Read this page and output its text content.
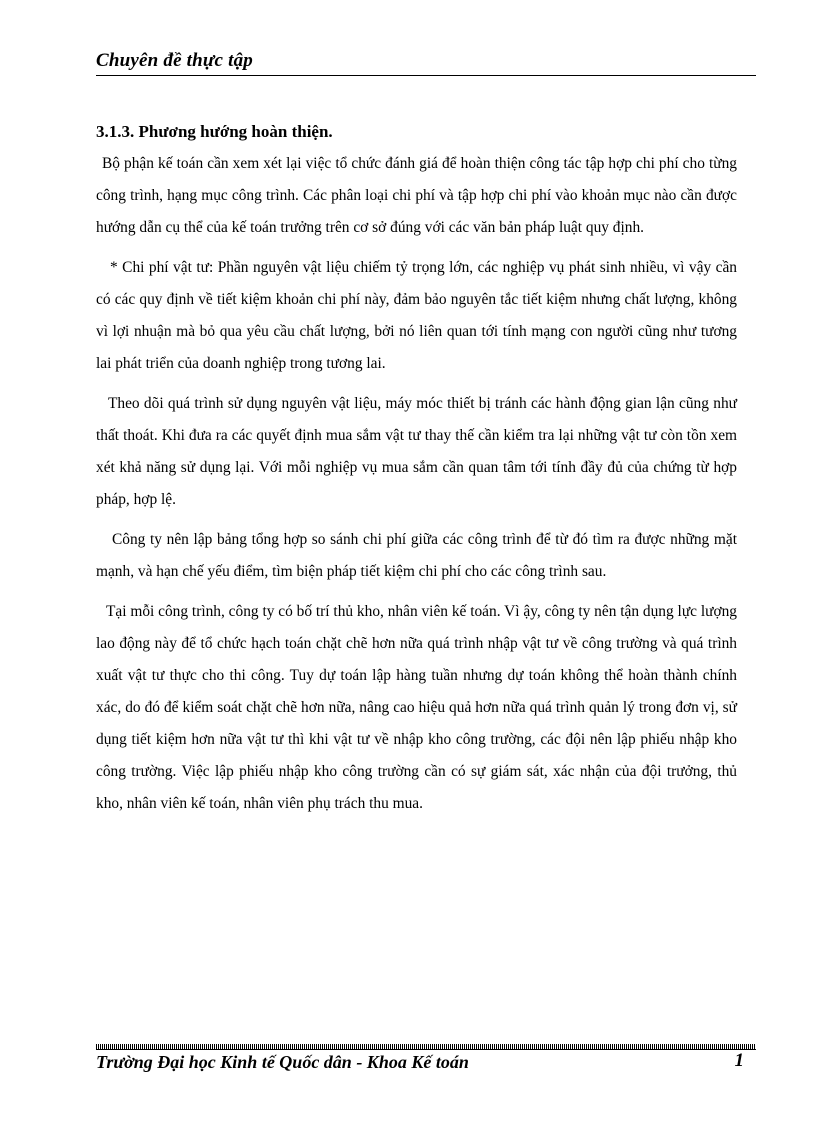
Chuyên đề thực tập
3.1.3. Phương hướng hoàn thiện.

Bộ phận kế toán cần xem xét lại việc tổ chức đánh giá để hoàn thiện công tác tập hợp chi phí cho từng công trình, hạng mục công trình. Các phân loại chi phí và tập hợp chi phí vào khoản mục nào cần được hướng dẫn cụ thể của kế toán trưởng trên cơ sở đúng với các văn bản pháp luật quy định.

* Chi phí vật tư: Phần nguyên vật liệu chiếm tỷ trọng lớn, các nghiệp vụ phát sinh nhiều, vì vậy cần có các quy định về tiết kiệm khoản chi phí này, đảm bảo nguyên tắc tiết kiệm nhưng chất lượng, không vì lợi nhuận mà bỏ qua yêu cầu chất lượng, bởi nó liên quan tới tính mạng con người cũng như tương lai phát triển của doanh nghiệp trong tương lai.

Theo dõi quá trình sử dụng nguyên vật liệu, máy móc thiết bị tránh các hành động gian lận cũng như thất thoát. Khi đưa ra các quyết định mua sắm vật tư thay thế cần kiểm tra lại những vật tư còn tồn xem xét khả năng sử dụng lại. Với mỗi nghiệp vụ mua sắm cần quan tâm tới tính đầy đủ của chứng từ hợp pháp, hợp lệ.

Công ty nên lập bảng tổng hợp so sánh chi phí giữa các công trình để từ đó tìm ra được những mặt mạnh, và hạn chế yếu điểm, tìm biện pháp tiết kiệm chi phí cho các công trình sau.

Tại mỗi công trình, công ty có bố trí thủ kho, nhân viên kế toán. Vì ậy, công ty nên tận dụng lực lượng lao động này để tổ chức hạch toán chặt chẽ hơn nữa quá trình nhập vật tư về công trường và quá trình xuất vật tư thực cho thi công. Tuy dự toán lập hàng tuần nhưng dự toán không thể hoàn thành chính xác, do đó để kiểm soát chặt chẽ hơn nữa, nâng cao hiệu quả hơn nữa quá trình quản lý trong đơn vị, sử dụng tiết kiệm hơn nữa vật tư thì khi vật tư về nhập kho công trường, các đội nên lập phiếu nhập kho công trường. Việc lập phiếu nhập kho công trường cần có sự giám sát, xác nhận của đội trưởng, thủ kho, nhân viên kế toán, nhân viên phụ trách thu mua.

Trường Đại học Kinh tế Quốc dân - Khoa Kế toán	1
